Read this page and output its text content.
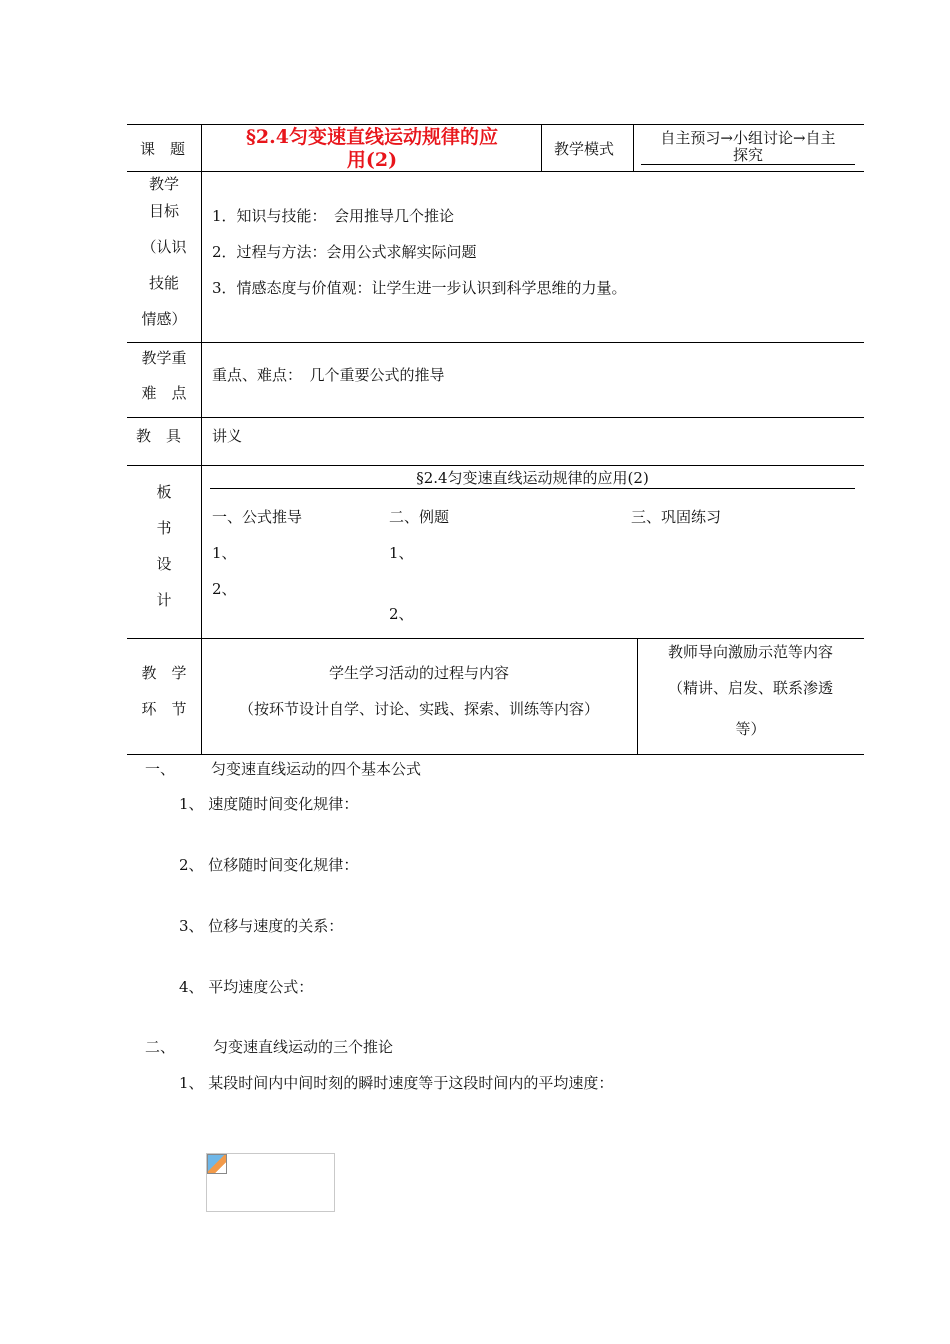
课　题
§2.4匀变速直线运动规律的应
用(2)	教学模式
自主预习→小组讨论→自主
探究
教学
目标
（认识
技能
情感）
1．知识与技能：　会用推导几个推论
2．过程与方法：会用公式求解实际问题
3．情感态度与价值观：让学生进一步认识到科学思维的力量。
教学重
难　点
重点、难点：　几个重要公式的推导
教　具 讲义
板
书
设
计
§2.4匀变速直线运动规律的应用(2)
一、公式推导
1、
2、
二、例题
1、
2、
三、巩固练习
教　学
环　节
学生学习活动的过程与内容
（按环节设计自学、讨论、实践、探索、训练等内容）
教师导向激励示范等内容
（精讲、启发、联系渗透
等）
一、 匀变速直线运动的四个基本公式
1、 速度随时间变化规律：
2、 位移随时间变化规律：
3、 位移与速度的关系：
4、 平均速度公式：
二、	匀变速直线运动的三个推论
1、 某段时间内中间时刻的瞬时速度等于这段时间内的平均速度：
